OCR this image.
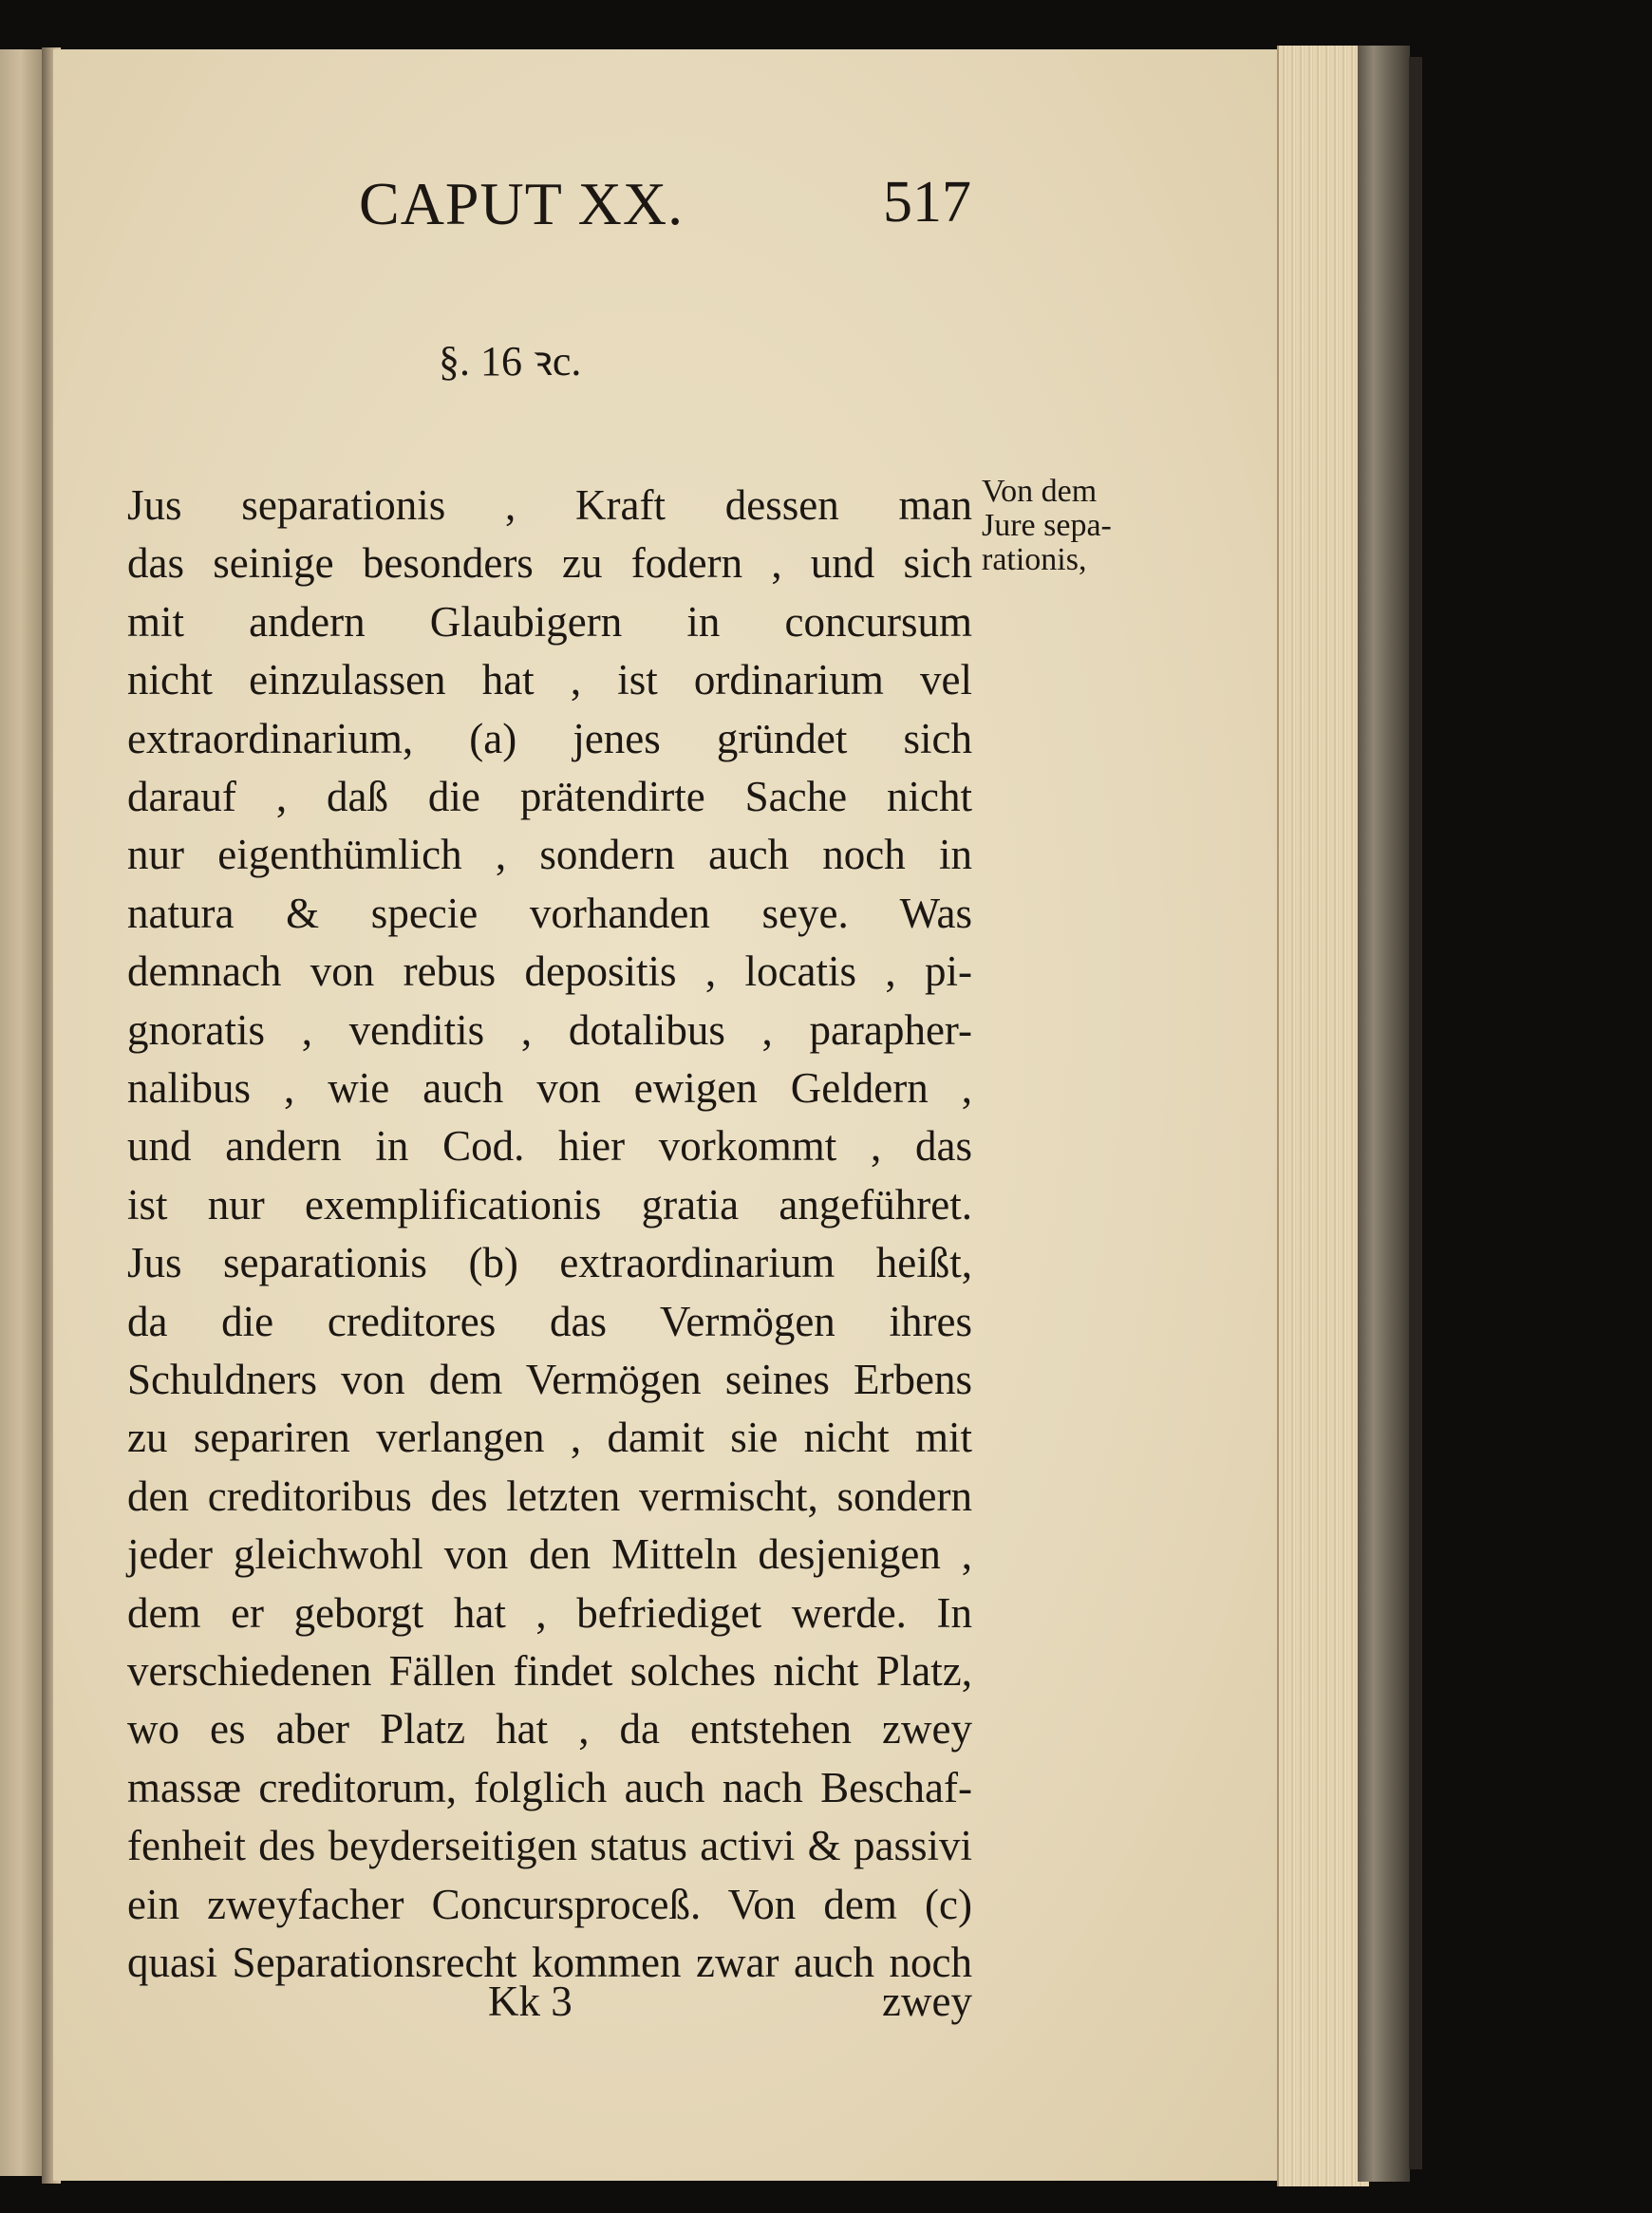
CAPUT XX.	517
§. 16 ꝛc.
Jus separationis , Kraft dessen man
das seinige besonders zu fodern , und sich
mit andern Glaubigern in concursum
nicht einzulassen hat , ist ordinarium vel
extraordinarium, (a) jenes gründet sich
darauf , daß die prätendirte Sache nicht
nur eigenthümlich , sondern auch noch in
natura & specie vorhanden seye. Was
demnach von rebus depositis , locatis , pi-
gnoratis , venditis , dotalibus , parapher-
nalibus , wie auch von ewigen Geldern ,
und andern in Cod. hier vorkommt , das
ist nur exemplificationis gratia angeführet.
Jus separationis (b) extraordinarium heißt,
da die creditores das Vermögen ihres
Schuldners von dem Vermögen seines Erbens
zu separiren verlangen , damit sie nicht mit
den creditoribus des letzten vermischt, sondern
jeder gleichwohl von den Mitteln desjenigen ,
dem er geborgt hat , befriediget werde. In
verschiedenen Fällen findet solches nicht Platz,
wo es aber Platz hat , da entstehen zwey
massæ creditorum, folglich auch nach Beschaf-
fenheit des beyderseitigen status activi & passivi
ein zweyfacher Concursproceß. Von dem (c)
quasi Separationsrecht kommen zwar auch noch
Von dem
Jure sepa-
rationis,
Kk 3	zwey
